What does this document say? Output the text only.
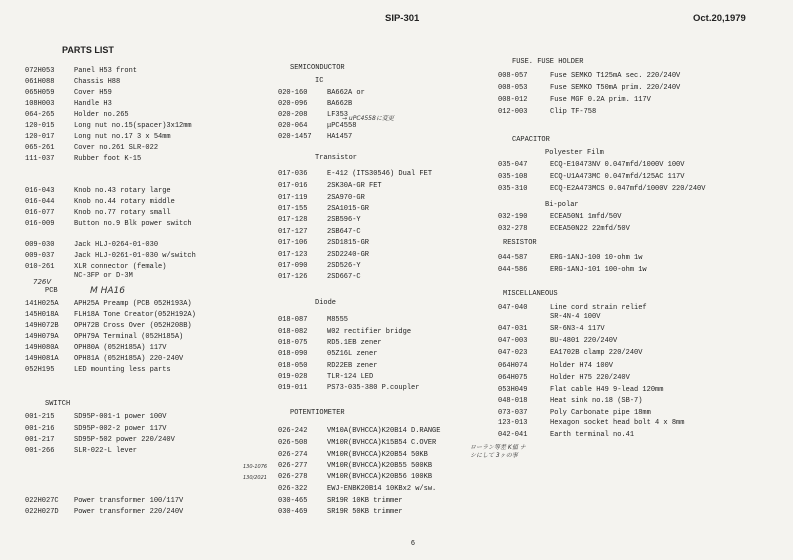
SIP-301	Oct.20,1979
PARTS LIST
072H053	Panel H53 front
061H088	Chassis H88
065H059	Cover H59
108H003	Handle H3
064-265	Holder no.265
120-015	Long nut no.15(spacer)3x12mm
120-017	Long nut no.17 3 x 54mm
065-261	Cover no.261 SLR-022
111-037	Rubber foot K-15
016-043	Knob no.43 rotary large
016-044	Knob no.44 rotary middle
016-077	Knob no.77 rotary small
016-009	Button no.9 Blk power switch
009-030	Jack HLJ-0264-01-030
009-037	Jack HLJ-0261-01-030 w/switch
010-261	XLR connector (female)
NC-3FP or D-3M
PCB
141H025A APH25A Preamp (PCB 052H193A)
145H018A FLH18A Tone Creator(052H192A)
149H072B OPH72B Cross Over (052H208B)
149H079A OPH79A Terminal (052H185A)
149H080A OPH80A (052H185A) 117V
149H081A OPH81A (052H185A) 220-240V
052H195	LED mounting less parts
SWITCH
001-215	SD95P-001-1 power 100V
001-216	SD95P-002-2 power 117V
001-217	SD95P-502 power 220/240V
001-266	SLR-022-L lever
022H027C Power transformer 100/117V
022H027D Power transformer 220/240V
SEMICONDUCTOR
IC
020-160	BA662A or
020-096	BA662B
020-208	LF353
020-064	μPC4558
020-1457 HA1457
Transistor
017-036	E-412 (ITS30546) Dual FET
017-016	2SK30A-GR FET
017-119	2SA970-GR
017-155	2SA1015-GR
017-128	2SB596-Y
017-127	2SB647-C
017-106	2SD1815-GR
017-123	2SD2240-GR
017-090	2SD526-Y
017-126	2SD667-C
Diode
018-087	M8555
018-082	W02 rectifier bridge
018-075	RD5.1EB zener
018-090	05Z16L zener
018-050	RD22EB zener
019-028	TLR-124 LED
019-011	PS73-035-380 P.coupler
POTENTIOMETER
026-242	VM10A(BVHCCA)K20B14 D.RANGE
026-508	VM10R(BVHCCA)K15B54 C.OVER
026-274	VM10R(BVHCCA)K20B54 50KB
026-277	VM10R(BVHCCA)K20B55 500KB
026-278	VM10R(BVHCCA)K20B56 100KB
026-322	EWJ-ENBK20B14 10KBx2 w/sw.
030-465	SR19R 10KB trimmer
030-469	SR19R 50KB trimmer
FUSE. FUSE HOLDER
008-057	Fuse SEMKO T125mA sec. 220/240V
008-053	Fuse SEMKO T50mA prim. 220/240V
008-012	Fuse MGF 0.2A prim. 117V
012-003	Clip TF-758
CAPACITOR
Polyester Film
035-047	ECQ-E10473NV 0.047mfd/1000V 100V
035-108	ECQ-U1A473MC 0.047mfd/125AC 117V
035-310	ECQ-E2A473MCS 0.047mfd/1000V 220/240V
Bi-polar
032-190	ECEA50N1 1mfd/50V
032-278	ECEA50N22 22mfd/50V
RESISTOR
044-587	ERG-1ANJ-100 10-ohm 1w
044-586	ERG-1ANJ-101 100-ohm 1w
MISCELLANEOUS
047-040	Line cord strain relief
SR-4N-4 100V
047-031	SR-6N3-4 117V
047-003	BU-4801 220/240V
047-023	EA1702B clamp 220/240V
064H074	Holder H74 100V
064H075	Holder H75 220/240V
053H049	Flat cable H49 9-lead 120mm
048-018	Heat sink no.18 (SB-7)
073-037	Poly Carbonate pipe 18mm
123-013	Hexagon socket head bolt 4 x 8mm
042-041	Earth terminal no.41
→ uPC4558に変更
726V
M HA16
ローラン等差 K値 ナシにして 3ヶの事
130-1076
130/2021
6
